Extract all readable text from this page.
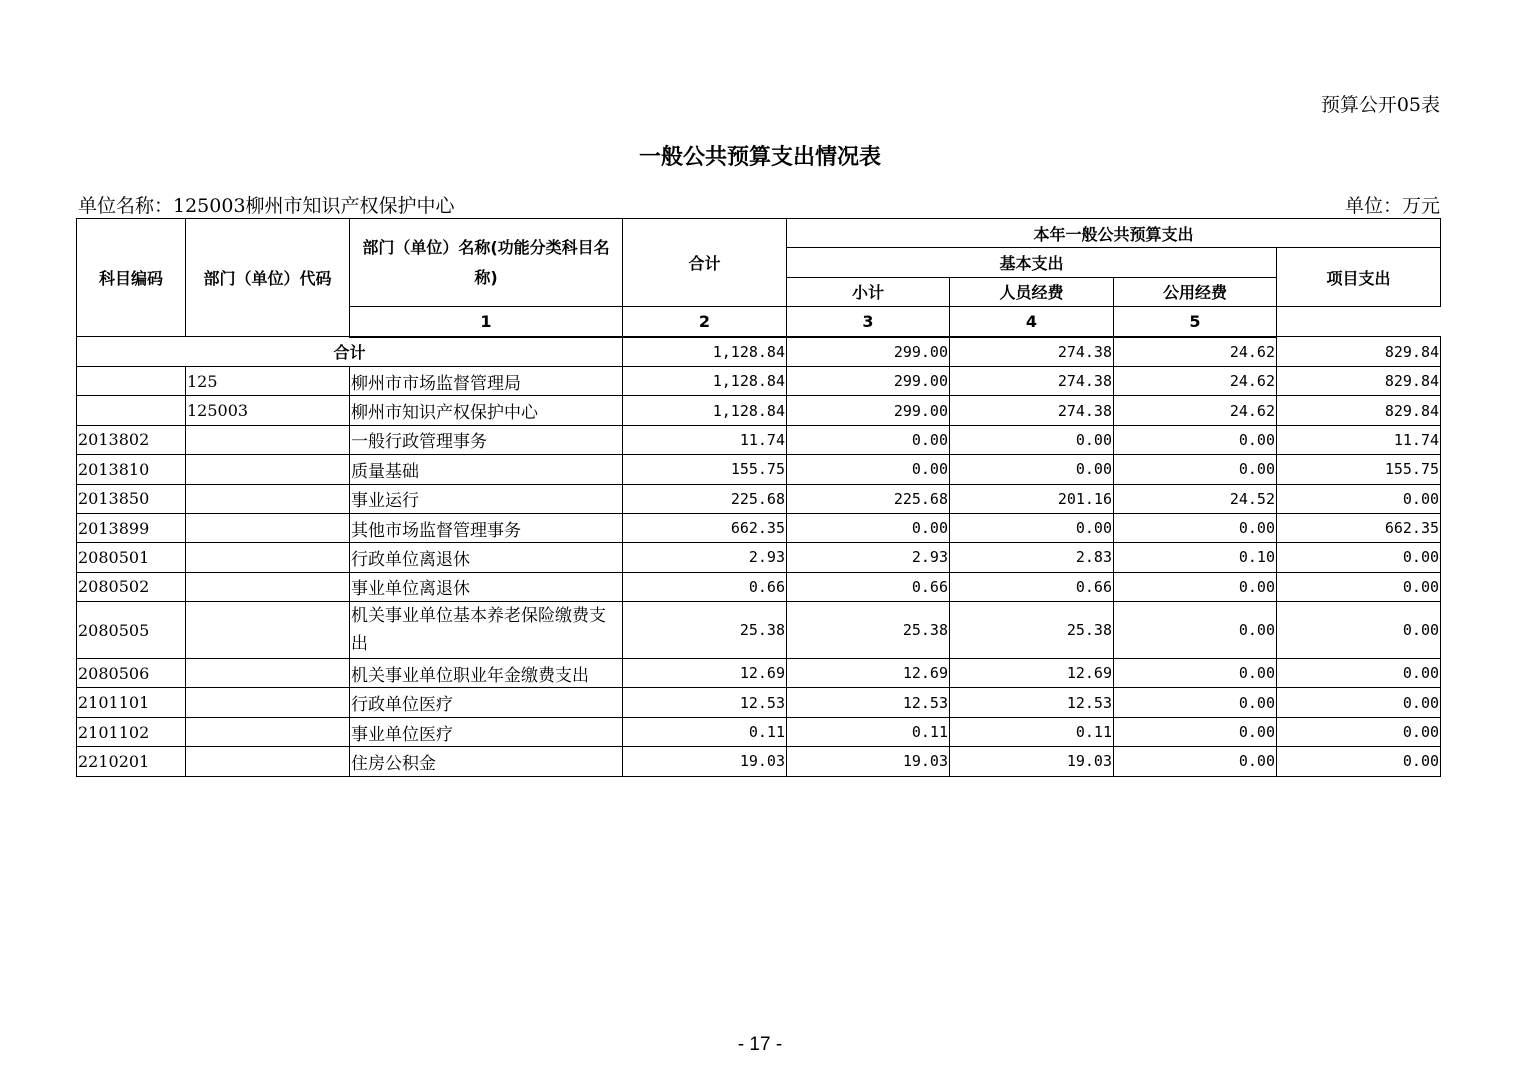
预算公开05表
一般公共预算支出情况表
单位名称：125003柳州市知识产权保护中心	单位：万元
科目编码	部门（单位）代码	部门（单位）名称(功能分类科目名称)	合计	本年一般公共预算支出			
				基本支出			项目支出
				小计	人员经费	公用经费	
		1	2	3	4	5	
合计			1,128.84	299.00	274.38	24.62	829.84
	125	柳州市市场监督管理局	1,128.84	299.00	274.38	24.62	829.84
	125003	柳州市知识产权保护中心	1,128.84	299.00	274.38	24.62	829.84
2013802		一般行政管理事务	11.74	0.00	0.00	0.00	11.74
2013810		质量基础	155.75	0.00	0.00	0.00	155.75
2013850		事业运行	225.68	225.68	201.16	24.52	0.00
2013899		其他市场监督管理事务	662.35	0.00	0.00	0.00	662.35
2080501		行政单位离退休	2.93	2.93	2.83	0.10	0.00
2080502		事业单位离退休	0.66	0.66	0.66	0.00	0.00
2080505		机关事业单位基本养老保险缴费支出	25.38	25.38	25.38	0.00	0.00
2080506		机关事业单位职业年金缴费支出	12.69	12.69	12.69	0.00	0.00
2101101		行政单位医疗	12.53	12.53	12.53	0.00	0.00
2101102		事业单位医疗	0.11	0.11	0.11	0.00	0.00
2210201		住房公积金	19.03	19.03	19.03	0.00	0.00
- 17 -
